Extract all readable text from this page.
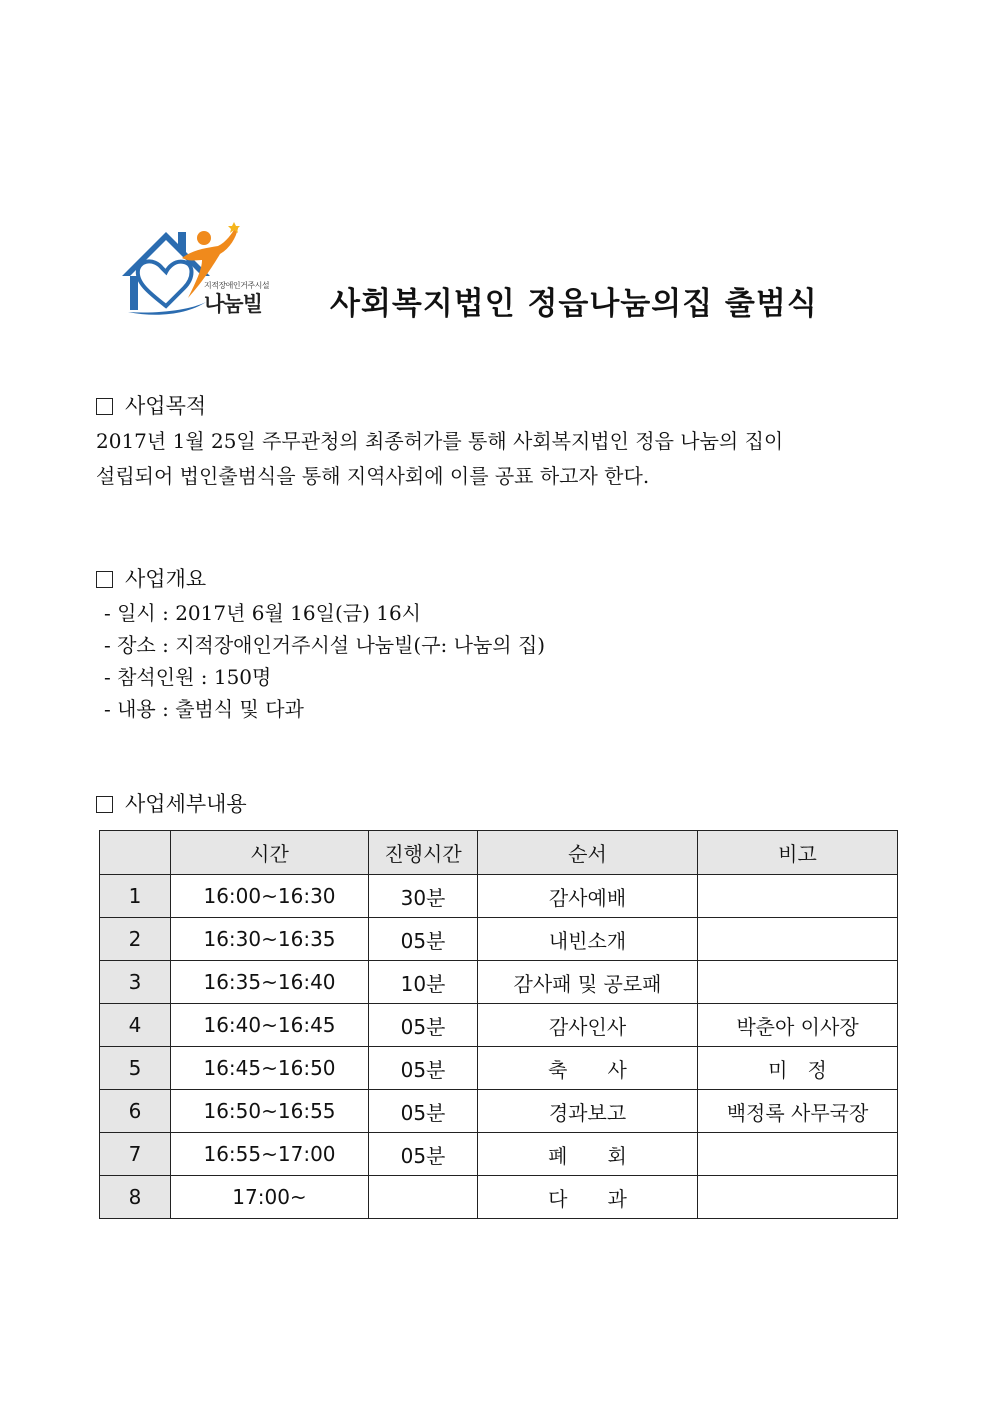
지적장애인거주시설
나눔빌 사회복지법인 정읍나눔의집 출범식
사업목적
2017년 1월 25일 주무관청의 최종허가를 통해 사회복지법인 정읍 나눔의 집이
설립되어 법인출범식을 통해 지역사회에 이를 공표 하고자 한다.
사업개요
- 일시 : 2017년 6월 16일(금) 16시
- 장소 : 지적장애인거주시설 나눔빌(구: 나눔의 집)
- 참석인원 : 150명
- 내용 : 출범식 및 다과
사업세부내용
	시간	진행시간	순서	비고
1	16:00~16:30	30분	감사예배	
2	16:30~16:35	05분	내빈소개	
3	16:35~16:40	10분	감사패 및 공로패	
4	16:40~16:45	05분	감사인사	박춘아 이사장
5	16:45~16:50	05분	축　　사	미　정
6	16:50~16:55	05분	경과보고	백정록 사무국장
7	16:55~17:00	05분	폐　　회	
8	17:00~		다　　과	
